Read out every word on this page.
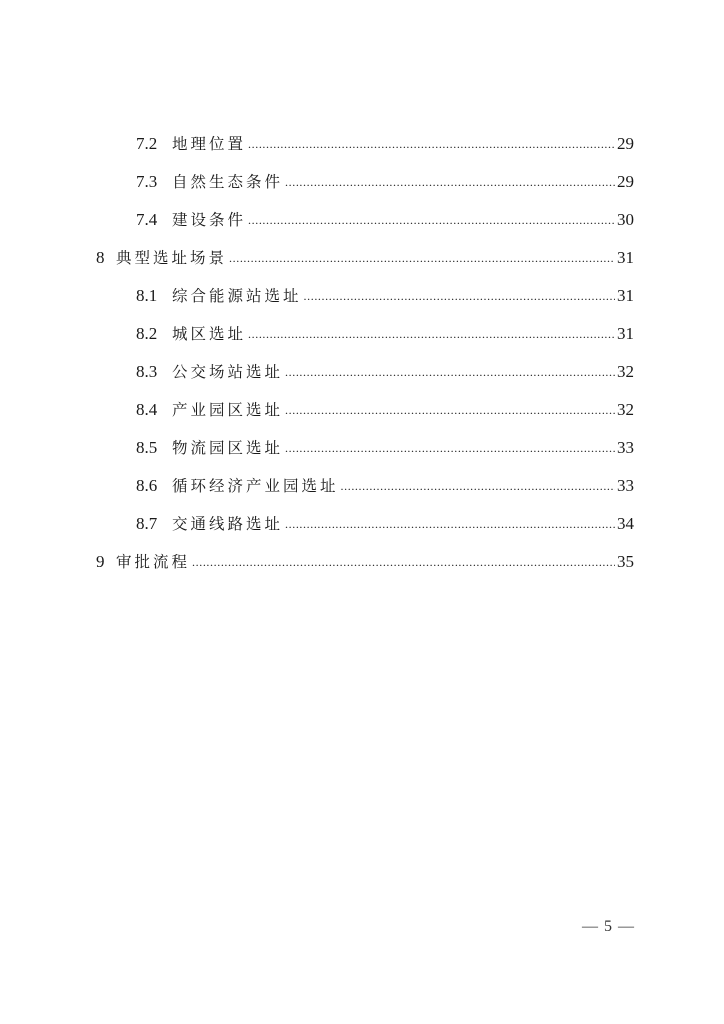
7.2 地理位置 .....	29
7.3 自然生态条件 .....	29
7.4 建设条件 .....	30
8 典型选址场景 .....	31
8.1 综合能源站选址 .....	31
8.2 城区选址 .....	31
8.3 公交场站选址 .....	32
8.4 产业园区选址 .....	32
8.5 物流园区选址 .....	33
8.6 循环经济产业园选址 .....	33
8.7 交通线路选址 .....	34
9 审批流程 .....	35
— 5 —
